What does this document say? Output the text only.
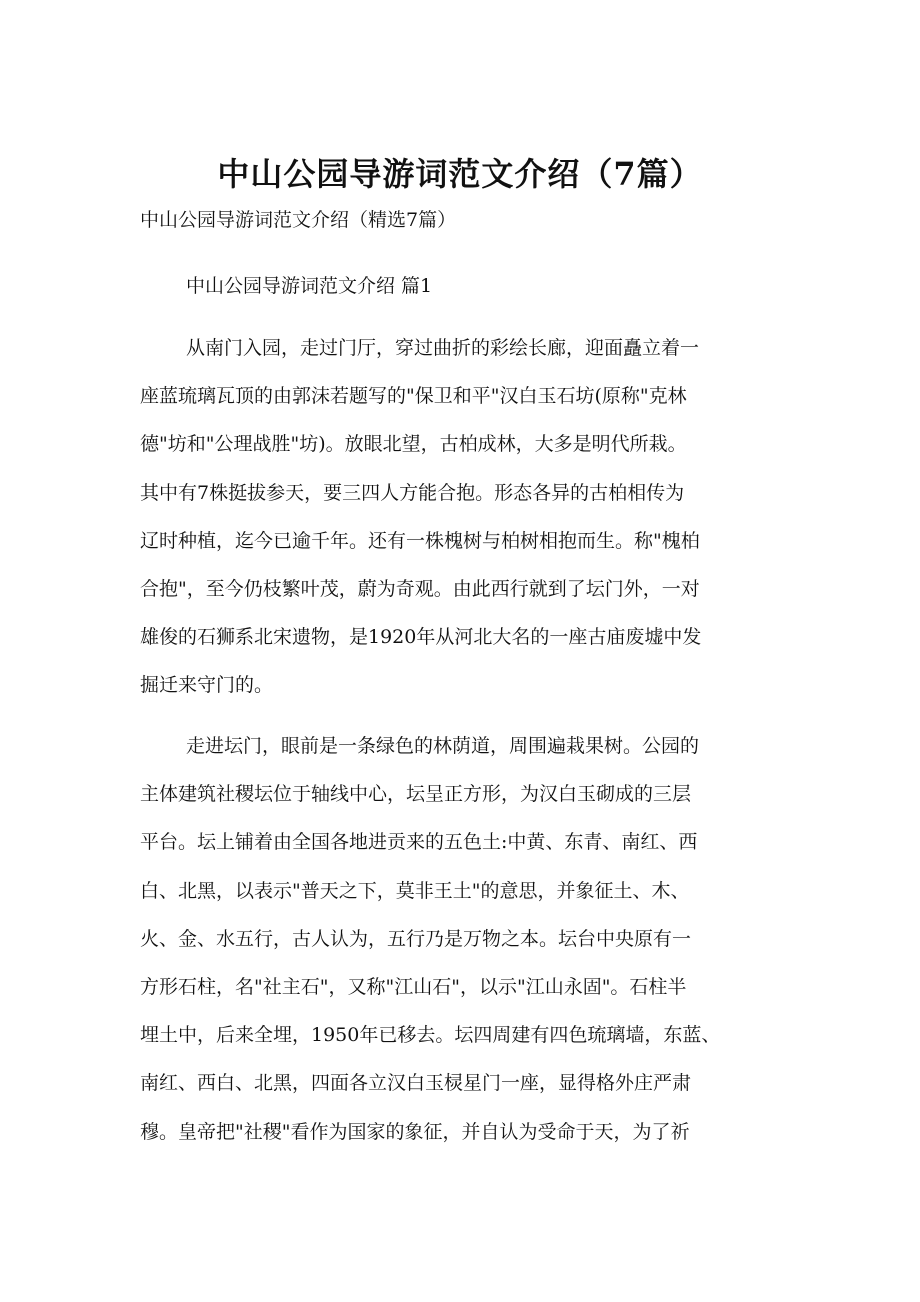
中山公园导游词范文介绍（7篇）

中山公园导游词范文介绍（精选7篇）

中山公园导游词范文介绍 篇1

从南门入园，走过门厅，穿过曲折的彩绘长廊，迎面矗立着一
座蓝琉璃瓦顶的由郭沫若题写的"保卫和平"汉白玉石坊(原称"克林
德"坊和"公理战胜"坊)。放眼北望，古柏成林，大多是明代所栽。
其中有7株挺拔参天，要三四人方能合抱。形态各异的古柏相传为
辽时种植，迄今已逾千年。还有一株槐树与柏树相抱而生。称"槐柏
合抱"，至今仍枝繁叶茂，蔚为奇观。由此西行就到了坛门外，一对
雄俊的石狮系北宋遗物，是1920年从河北大名的一座古庙废墟中发
掘迁来守门的。

走进坛门，眼前是一条绿色的林荫道，周围遍栽果树。公园的
主体建筑社稷坛位于轴线中心，坛呈正方形，为汉白玉砌成的三层
平台。坛上铺着由全国各地进贡来的五色土:中黄、东青、南红、西
白、北黑，以表示"普天之下，莫非王土"的意思，并象征土、木、
火、金、水五行，古人认为，五行乃是万物之本。坛台中央原有一
方形石柱，名"社主石"，又称"江山石"，以示"江山永固"。石柱半
埋土中，后来全埋，1950年已移去。坛四周建有四色琉璃墙，东蓝、
南红、西白、北黑，四面各立汉白玉棂星门一座，显得格外庄严肃
穆。皇帝把"社稷"看作为国家的象征，并自认为受命于天，为了祈
